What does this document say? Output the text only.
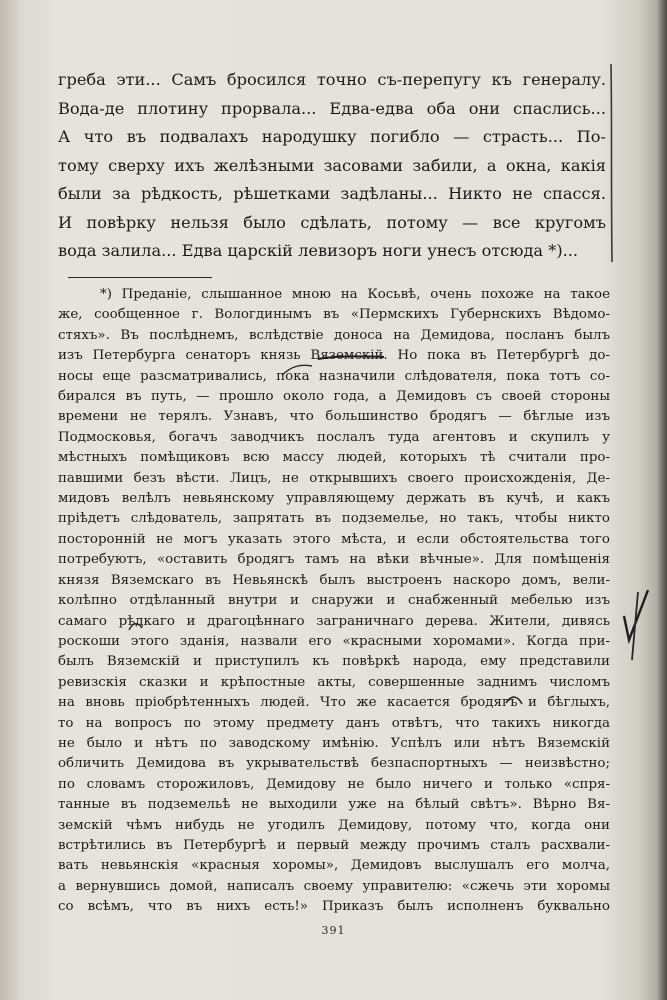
греба эти... Самъ бросился точно съ-перепугу къ генералу.
Вода-де плотину прорвала... Едва-едва оба они спаслись...
А что въ подвалахъ народушку погибло — страсть... По-
тому сверху ихъ желѣзными засовами забили, а окна, какія
были за рѣдкость, рѣшетками задѣланы... Никто не спасся.
И повѣрку нельзя было сдѣлать, потому — все кругомъ
вода залила... Едва царскій левизоръ ноги унесъ отсюда *)...
*) Преданіе, слышанное мною на Косьвѣ, очень похоже на такое
же, сообщенное г. Вологдинымъ въ «Пермскихъ Губернскихъ Вѣдомо-
стяхъ». Въ послѣднемъ, вслѣдствіе доноса на Демидова, посланъ былъ
изъ Петербурга сенаторъ князь Вяземскій. Но пока въ Петербургѣ до-
носы еще разсматривались, пока назначили слѣдователя, пока тотъ со-
бирался въ путь, — прошло около года, а Демидовъ съ своей стороны
времени не терялъ. Узнавъ, что большинство бродягъ — бѣглые изъ
Подмосковья, богачъ заводчикъ послалъ туда агентовъ и скупилъ у
мѣстныхъ помѣщиковъ всю массу людей, которыхъ тѣ считали про-
павшими безъ вѣсти. Лицъ, не открывшихъ своего происхожденія, Де-
мидовъ велѣлъ невьянскому управляющему держать въ кучѣ, и какъ
пріѣдетъ слѣдователь, запрятать въ подземелье, но такъ, чтобы никто
посторонній не могъ указать этого мѣста, и если обстоятельства того
потребуютъ, «оставить бродягъ тамъ на вѣки вѣчные». Для помѣщенія
князя Вяземскаго въ Невьянскѣ былъ выстроенъ наскоро домъ, вели-
колѣпно отдѣланный внутри и снаружи и снабженный мебелью изъ
самаго рѣдкаго и драгоцѣннаго заграничнаго дерева. Жители, дивясь
роскоши этого зданія, назвали его «красными хоромами». Когда при-
былъ Вяземскій и приступилъ къ повѣркѣ народа, ему представили
ревизскія сказки и крѣпостные акты, совершенные заднимъ числомъ
на вновь пріобрѣтенныхъ людей. Что же касается бродягъ и бѣглыхъ,
то на вопросъ по этому предмету данъ отвѣтъ, что такихъ никогда
не было и нѣтъ по заводскому имѣнію. Успѣлъ или нѣтъ Вяземскій
обличить Демидова въ укрывательствѣ безпаспортныхъ — неизвѣстно;
по словамъ сторожиловъ, Демидову не было ничего и только «спря-
танные въ подземельѣ не выходили уже на бѣлый свѣтъ». Вѣрно Вя-
земскій чѣмъ нибудь не угодилъ Демидову, потому что, когда они
встрѣтились въ Петербургѣ и первый между прочимъ сталъ расхвали-
вать невьянскія «красныя хоромы», Демидовъ выслушалъ его молча,
а вернувшись домой, написалъ своему управителю: «сжечь эти хоромы
со всѣмъ, что въ нихъ есть!» Приказъ былъ исполненъ буквально
391
